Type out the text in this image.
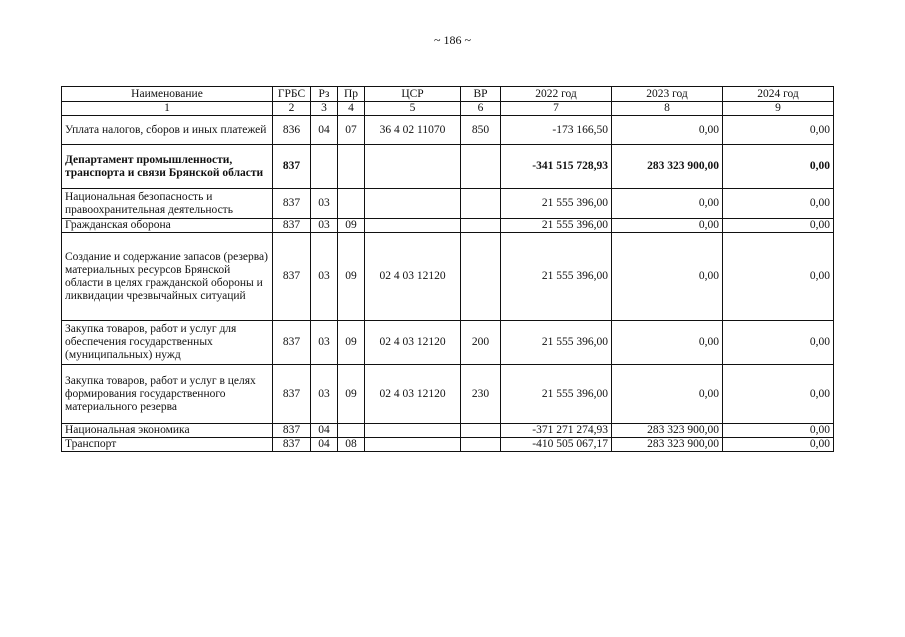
~ 186 ~
Наименование	ГРБС	Рз	Пр	ЦСР	ВР	2022 год	2023 год	2024 год
1	2	3	4	5	6	7	8	9
Уплата налогов, сборов и иных платежей	836	04	07	36 4 02 11070	850	-173 166,50	0,00	0,00
Департамент промышленности, транспорта и связи Брянской области	837					-341 515 728,93	283 323 900,00	0,00
Национальная безопасность и правоохранительная деятельность	837	03				21 555 396,00	0,00	0,00
Гражданская оборона	837	03	09			21 555 396,00	0,00	0,00
Создание и содержание запасов (резерва) материальных ресурсов Брянской области в целях гражданской обороны и ликвидации чрезвычайных ситуаций	837	03	09	02 4 03 12120		21 555 396,00	0,00	0,00
Закупка товаров, работ и услуг для обеспечения государственных (муниципальных) нужд	837	03	09	02 4 03 12120	200	21 555 396,00	0,00	0,00
Закупка товаров, работ и услуг в целях формирования государственного материального резерва	837	03	09	02 4 03 12120	230	21 555 396,00	0,00	0,00
Национальная экономика	837	04				-371 271 274,93	283 323 900,00	0,00
Транспорт	837	04	08			-410 505 067,17	283 323 900,00	0,00
